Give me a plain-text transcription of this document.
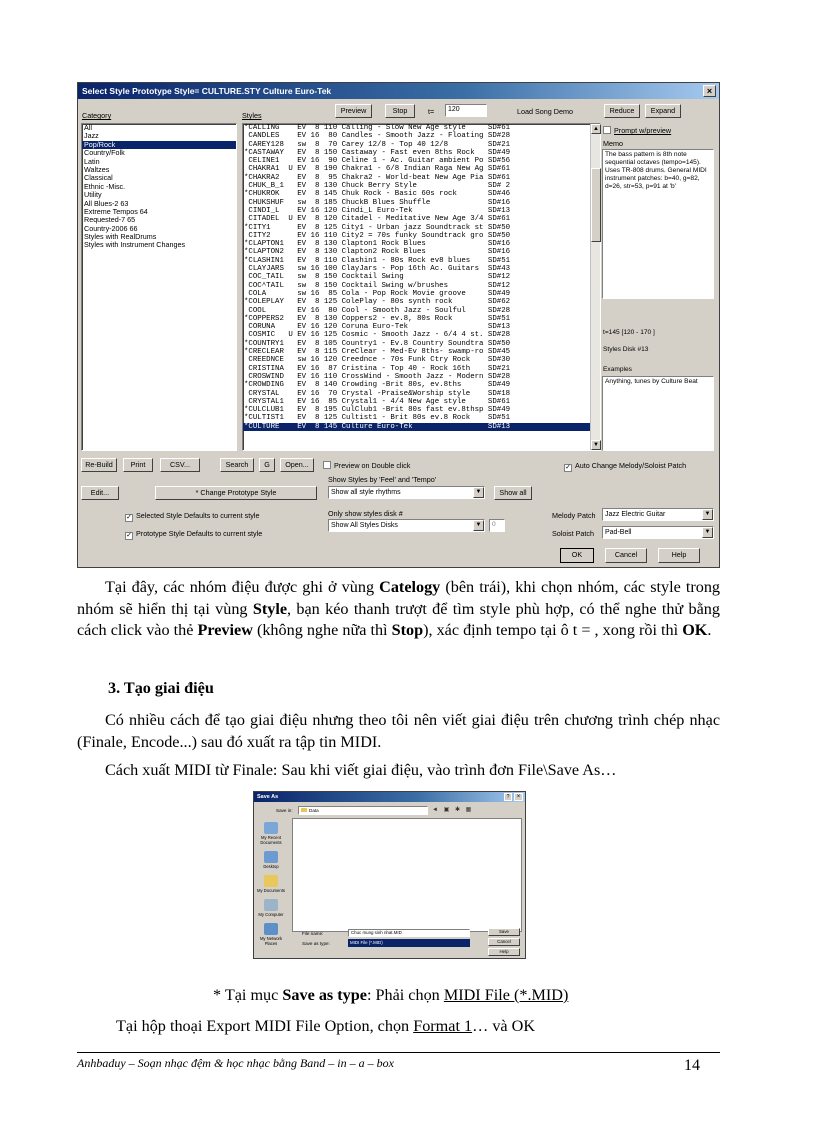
Select Style Prototype Style= CULTURE.STY Culture Euro-Tek	×
Category	Styles
Preview	Stop	t=	120	Load Song Demo	Reduce	Expand
All
Jazz
Pop/Rock
Country/Folk
Latin
Waltzes
Classical
Ethnic -Misc.
Utility
All Blues-2 63
Extreme Tempos 64
Requested-7 65
Country-2006 66
Styles with RealDrums
Styles with Instrument Changes
*CALLING    EV  8 110 Calling - Slow New Age style     SD#61
CANDLES    EV 16  80 Candles - Smooth Jazz - Floating SD#28
CAREY128   sw  8  70 Carey 12/8 - Top 40 12/8         SD#21
*CASTAWAY   EV  8 150 Castaway - Fast even 8ths Rock   SD#49
CELINE1    EV 16  90 Celine 1 - Ac. Guitar ambient Po SD#56
CHAKRA1  U EV  8 190 Chakra1 - 6/8 Indian Raga New Ag SD#61
*CHAKRA2    EV  8  95 Chakra2 - World-beat New Age Pia SD#61
CHUK_B_1   EV  8 130 Chuck Berry Style                SD# 2
*CHUKROK    EV  8 145 Chuk Rock - Basic 60s rock       SD#46
CHUKSHUF   sw  8 185 ChuckB Blues Shuffle             SD#16
CINDI_L    EV 16 120 Cindi_L Euro-Tek                 SD#13
CITADEL  U EV  8 120 Citadel - Meditative New Age 3/4 SD#61
*CITY1      EV  8 125 City1 - Urban jazz Soundtrack st SD#50
CITY2      EV 16 110 City2 = 70s funky Soundtrack gro SD#50
*CLAPTON1   EV  8 130 Clapton1 Rock Blues              SD#16
*CLAPTON2   EV  8 130 Clapton2 Rock Blues              SD#16
*CLASHIN1   EV  8 110 Clashin1 - 80s Rock ev8 blues    SD#51
CLAYJARS   sw 16 100 ClayJars - Pop 16th Ac. Guitars  SD#43
COC_TAIL   sw  8 150 Cocktail Swing                   SD#12
COC^TAIL   sw  8 150 Cocktail Swing w/brushes         SD#12
COLA       sw 16  85 Cola - Pop Rock Movie groove     SD#49
*COLEPLAY   EV  8 125 ColePlay - 80s synth rock        SD#62
COOL       EV 16  80 Cool - Smooth Jazz - Soulful     SD#28
*COPPERS2   EV  8 130 Coppers2 - ev.8, 80s Rock        SD#51
CORUNA     EV 16 120 Coruna Euro-Tek                  SD#13
COSMIC   U EV 16 125 Cosmic - Smooth Jazz - 6/4 4 st. SD#28
*COUNTRY1   EV  8 105 Country1 - Ev.8 Country Soundtra SD#50
*CRECLEAR   EV  8 115 CreClear - Med-Ev 8ths- swamp-ro SD#45
CREEDNCE   sw 16 120 Creednce - 70s Funk Ctry Rock    SD#30
CRISTINA   EV 16  87 Cristina - Top 40 - Rock 16th    SD#21
CROSWIND   EV 16 110 CrossWind - Smooth Jazz - Modern SD#28
*CROWDING   EV  8 140 Crowding -Brit 80s, ev.8ths      SD#49
CRYSTAL    EV 16  70 Crystal -Praise&Worship style    SD#18
CRYSTAL1   EV 16  85 Crystal1 - 4/4 New Age style     SD#61
*CULCLUB1   EV  8 195 CulClub1 -Brit 80s fast ev.8thsp SD#49
*CULTIST1   EV  8 125 Cultist1 - Brit 80s ev.8 Rock    SD#51
*CULTURE    EV  8 145 Culture Euro-Tek                 SD#13
▲
▼
Prompt w/preview
Memo
The bass pattern is 8th note sequential octaves (tempo=145). Uses TR-808 drums. General MIDI instrument patches: b=40, g=82, d=26, str=53, p=91 at 'b'
t=145 [120 - 170 ]
Styles Disk #13
Examples
Anything, tunes by Culture Beat
Re-Build	Print	CSV...	Search	G	Open...	Preview on Double click	✓ Auto Change Melody/Soloist Patch
Show Styles by 'Feel' and 'Tempo'
Edit...	* Change Prototype Style	Show all style rhythms	▼	Show all
✓ Selected Style Defaults to current style	Only show styles disk #
Show All Styles Disks	▼	0
✓ Prototype Style Defaults to current style
Melody Patch	Jazz Electric Guitar	▼
Soloist Patch	Pad-Bell	▼
OK	Cancel	Help
Tại đây, các nhóm điệu được ghi ở vùng Catelogy (bên trái), khi chọn nhóm, các style trong nhóm sẽ hiển thị tại vùng Style, bạn kéo thanh trượt để tìm style phù hợp, có thể nghe thử bằng cách click vào thẻ Preview (không nghe nữa thì Stop), xác định tempo tại ô t = , xong rồi thì OK.
3. Tạo giai điệu
Có nhiều cách để tạo giai điệu nhưng theo tôi nên viết giai điệu trên chương trình chép nhạc (Finale, Encode...) sau đó xuất ra tập tin MIDI.
Cách xuất MIDI từ Finale: Sau khi viết giai điệu, vào trình đơn File\Save As…
Save As	?	×
Save in:	Data	◄ ▣ ✱ ▦
My Recent Documents
Desktop
My Documents
My Computer
My Network Places
File name:	Chuc mung sinh nhat.MID
Save as type:	MIDI File (*.MID)
Save
Cancel
Help
* Tại mục Save as type: Phải chọn MIDI File (*.MID)
Tại hộp thoại Export MIDI File Option, chọn Format 1… và OK
Anhbaduy – Soạn nhạc đệm & học nhạc bằng Band – in – a – box	14
